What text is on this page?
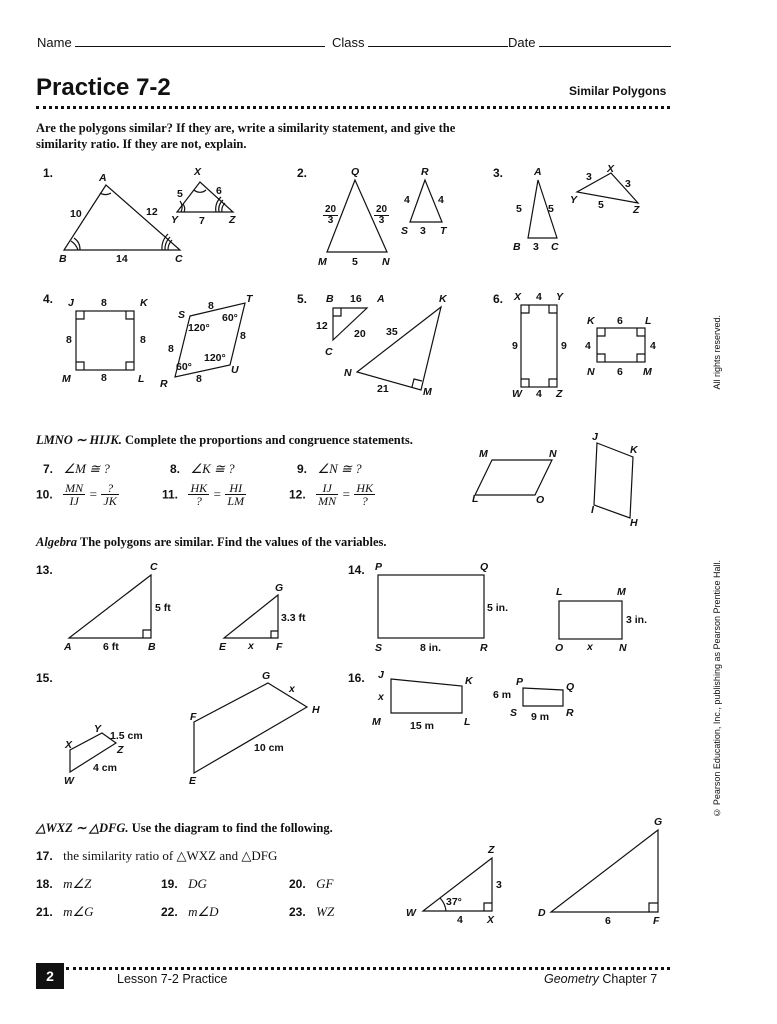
Name	Class	Date
Practice 7-2	Similar Polygons
Are the polygons similar? If they are, write a similarity statement, and give the similarity ratio. If they are not, explain.
1.	2.	3.
4.	5.	6.
A
B	C
10	12
14
X
Y	Z
5	6
7
Q
M	N
$\frac{20}{3}$	$\frac{20}{3}$
5
R
S	T
4	4
3
A
B	C
5 5
3
X
Y
Z
3
3
5
J	K
M	L
8
8
8
8
S
T
U
R
8
8
8
8
120°
60°
120°
60°
B	A
C
16
12
20
K
N
M
35
21
X	Y
W	Z
4
4
9	9
K	L
N	M
6
6
4	4
LMNO ∼ HIJK. Complete the proportions and congruence statements.
7. ∠M ≅ ?	8. ∠K ≅ ?	9. ∠N ≅ ?
10. $\frac{MN}{IJ} = \frac{?}{JK}$	11. $\frac{HK}{?} = \frac{HI}{LM}$	12. $\frac{IJ}{MN} = \frac{HK}{?}$
M	N
L	O
J
K
I
H
Algebra The polygons are similar. Find the values of the variables.
13.	14.
15.	16.
C
A	B
6 ft
5 ft
G
E	F
x
3.3 ft
P	Q
S	R
5 in.
8 in.
L	M
O	N
3 in.
x
Y
X	Z
W
1.5 cm
4 cm
G
F
H
E
x
10 cm
J	K
M	L
x
15 m
P	Q
S	R
6 m
9 m
△WXZ ∼ △DFG. Use the diagram to find the following.
17. the similarity ratio of △WXZ and △DFG
18. m∠Z	19. DG	20. GF
21. m∠G	22. m∠D	23. WZ
Z
W
X
4
3
37°
G
D
F
6
2	Lesson 7-2 Practice	Geometry Chapter 7
All rights reserved.
© Pearson Education, Inc., publishing as Pearson Prentice Hall.
